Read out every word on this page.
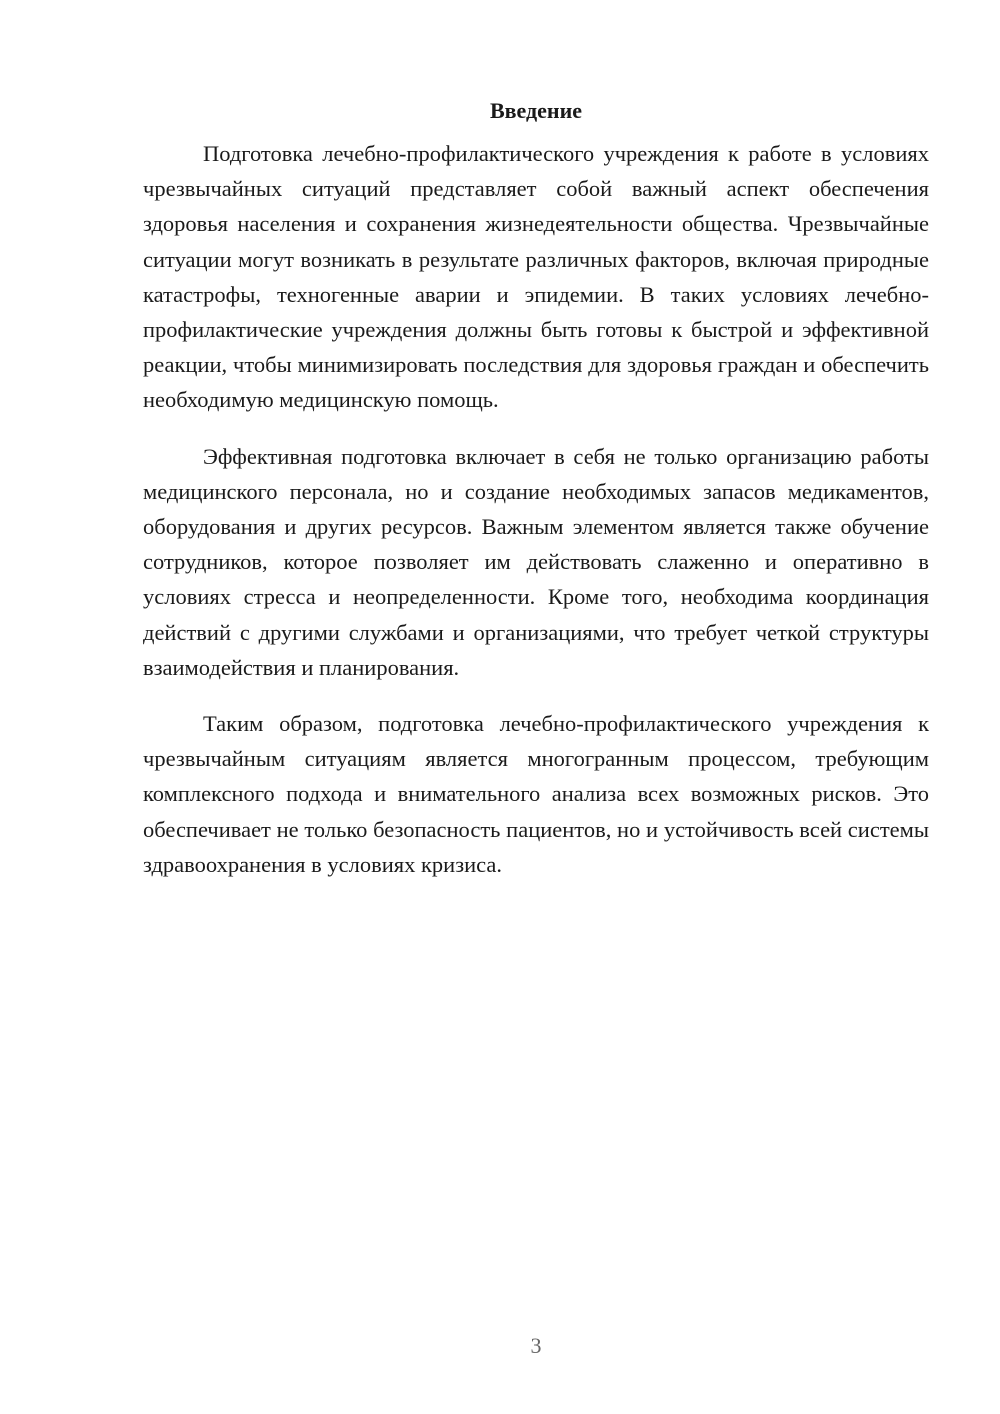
Введение

Подготовка лечебно-профилактического учреждения к работе в условиях чрезвычайных ситуаций представляет собой важный аспект обеспечения здоровья населения и сохранения жизнедеятельности общества. Чрезвычайные ситуации могут возникать в результате различных факторов, включая природные катастрофы, техногенные аварии и эпидемии. В таких условиях лечебно-профилактические учреждения должны быть готовы к быстрой и эффективной реакции, чтобы минимизировать последствия для здоровья граждан и обеспечить необходимую медицинскую помощь.

Эффективная подготовка включает в себя не только организацию работы медицинского персонала, но и создание необходимых запасов медикаментов, оборудования и других ресурсов. Важным элементом является также обучение сотрудников, которое позволяет им действовать слаженно и оперативно в условиях стресса и неопределенности. Кроме того, необходима координация действий с другими службами и организациями, что требует четкой структуры взаимодействия и планирования.

Таким образом, подготовка лечебно-профилактического учреждения к чрезвычайным ситуациям является многогранным процессом, требующим комплексного подхода и внимательного анализа всех возможных рисков. Это обеспечивает не только безопасность пациентов, но и устойчивость всей системы здравоохранения в условиях кризиса.

3
